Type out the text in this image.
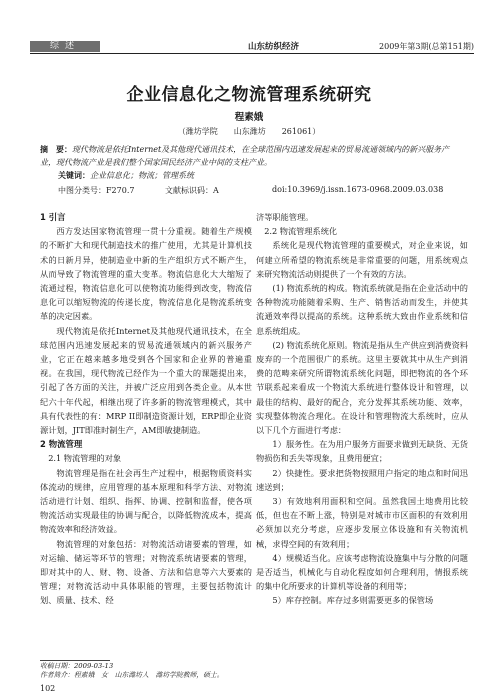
综述	山东纺织经济	2009年第3期(总第151期)
企业信息化之物流管理系统研究
程素娥
（潍坊学院　　山东潍坊　　261061）
摘　要：现代物流是依托Internet及其他现代通讯技术，在全球范围内迅速发展起来的贸易流通领域内的新兴服务产业，现代物流产业是我们整个国家国民经济产业中间的支柱产业。
关键词：企业信息化；物流；管理系统
中图分类号：F270.7	文献标识码：A	doi:10.3969/j.issn.1673-0968.2009.03.038

1 引言

西方发达国家物流管理一贯十分重视。随着生产规模的不断扩大和现代制造技术的推广使用，尤其是计算机技术的日新月异，使制造业中新的生产组织方式不断产生，从而导致了物流管理的重大变革。物流信息化大大缩短了流通过程，物流信息化可以使物流功能得到改变，物流信息化可以缩短物流的传递长度，物流信息化是物流系统变革的决定因素。

现代物流是依托Internet及其他现代通讯技术，在全球范围内迅速发展起来的贸易流通领域内的新兴服务产业，它正在越来越多地受到各个国家和企业界的普遍重视。在我国，现代物流已经作为一个重大的课题提出来，引起了各方面的关注，并被广泛应用到各类企业。从本世纪六十年代起，相继出现了许多新的物流管理模式，其中具有代表性的有：MRP II即制造资源计划，ERP即企业资源计划，JIT即准时制生产，AM即敏捷制造。

2 物流管理

2.1 物流管理的对象

物流管理是指在社会再生产过程中，根据物质资料实体流动的规律，应用管理的基本原理和科学方法、对物流活动进行计划、组织、指挥、协调、控制和监督，使各项物流活动实现最佳的协调与配合，以降低物流成本，提高物流效率和经济效益。

物流管理的对象包括：对物流活动诸要素的管理，如对运输、储运等环节的管理；对物流系统诸要素的管理，即对其中的人、财、物、设备、方法和信息等六大要素的管理；对物流活动中具体职能的管理，主要包括物流计划、质量、技术、经

济等职能管理。

2.2 物流管理系统化

系统化是现代物流管理的重要模式，对企业来说，如何建立所希望的物流系统是非常重要的问题，用系统观点来研究物流活动则提供了一个有效的方法。

(1) 物流系统的构成。物流系统就是指在企业活动中的各种物流功能随着采购、生产、销售活动而发生，并使其流通效率得以提高的系统。这种系统大致由作业系统和信息系统组成。

(2) 物流系统化原则。物流是指从生产供应到消费资料废弃的一个范围很广的系统。这里主要就其中从生产到消费的范畴来研究所谓物流系统化问题，即把物流的各个环节联系起来看成一个物流大系统进行整体设计和管理，以最佳的结构、最好的配合，充分发挥其系统功能、效率，实现整体物流合理化。在设计和管理物流大系统时，应从以下几个方面进行考虑：

1）服务性。在为用户服务方面要求做到无缺货、无货物损伤和丢失等现象，且费用便宜；

2）快捷性。要求把货物按照用户指定的地点和时间迅速送到；

3）有效地利用面积和空间。虽然我国土地费用比较低，但也在不断上涨，特别是对城市市区面积的有效利用必须加以充分考虑，应逐步发展立体设施和有关物流机械，求得空间的有效利用；

4）规模适当化。应该考虑物流设施集中与分散的问题是否适当，机械化与自动化程度如何合理利用，情报系统的集中化所要求的计算机等设备的利用等；

5）库存控制。库存过多则需要更多的保管场

收稿日期：2009-03-13
作者简介：程素娥　女　山东潍坊人　潍坊学院教师，硕士。
102
